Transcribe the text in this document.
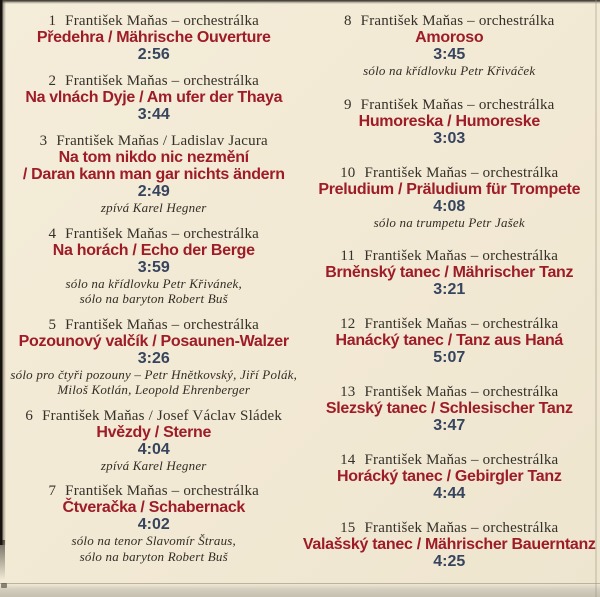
1 František Maňas – orchestrálka
Předehra / Mährische Ouverture
2:56
2 František Maňas – orchestrálka
Na vlnách Dyje / Am ufer der Thaya
3:44
3 František Maňas / Ladislav Jacura
Na tom nikdo nic nezmění
/ Daran kann man gar nichts ändern
2:49
zpívá Karel Hegner
4 František Maňas – orchestrálka
Na horách / Echo der Berge
3:59
sólo na křídlovku Petr Křivánek,
sólo na baryton Robert Buš
5 František Maňas – orchestrálka
Pozounový valčík / Posaunen-Walzer
3:26
sólo pro čtyři pozouny – Petr Hnětkovský, Jiří Polák,
Miloš Kotlán, Leopold Ehrenberger
6 František Maňas / Josef Václav Sládek
Hvězdy / Sterne
4:04
zpívá Karel Hegner
7 František Maňas – orchestrálka
Čtveračka / Schabernack
4:02
sólo na tenor Slavomír Štraus,
sólo na baryton Robert Buš
8 František Maňas – orchestrálka
Amoroso
3:45
sólo na křídlovku Petr Křiváček
9 František Maňas – orchestrálka
Humoreska / Humoreske
3:03
10 František Maňas – orchestrálka
Preludium / Präludium für Trompete
4:08
sólo na trumpetu Petr Jašek
11 František Maňas – orchestrálka
Brněnský tanec / Mährischer Tanz
3:21
12 František Maňas – orchestrálka
Hanácký tanec / Tanz aus Haná
5:07
13 František Maňas – orchestrálka
Slezský tanec / Schlesischer Tanz
3:47
14 František Maňas – orchestrálka
Horácký tanec / Gebirgler Tanz
4:44
15 František Maňas – orchestrálka
Valašský tanec / Mährischer Bauerntanz
4:25
